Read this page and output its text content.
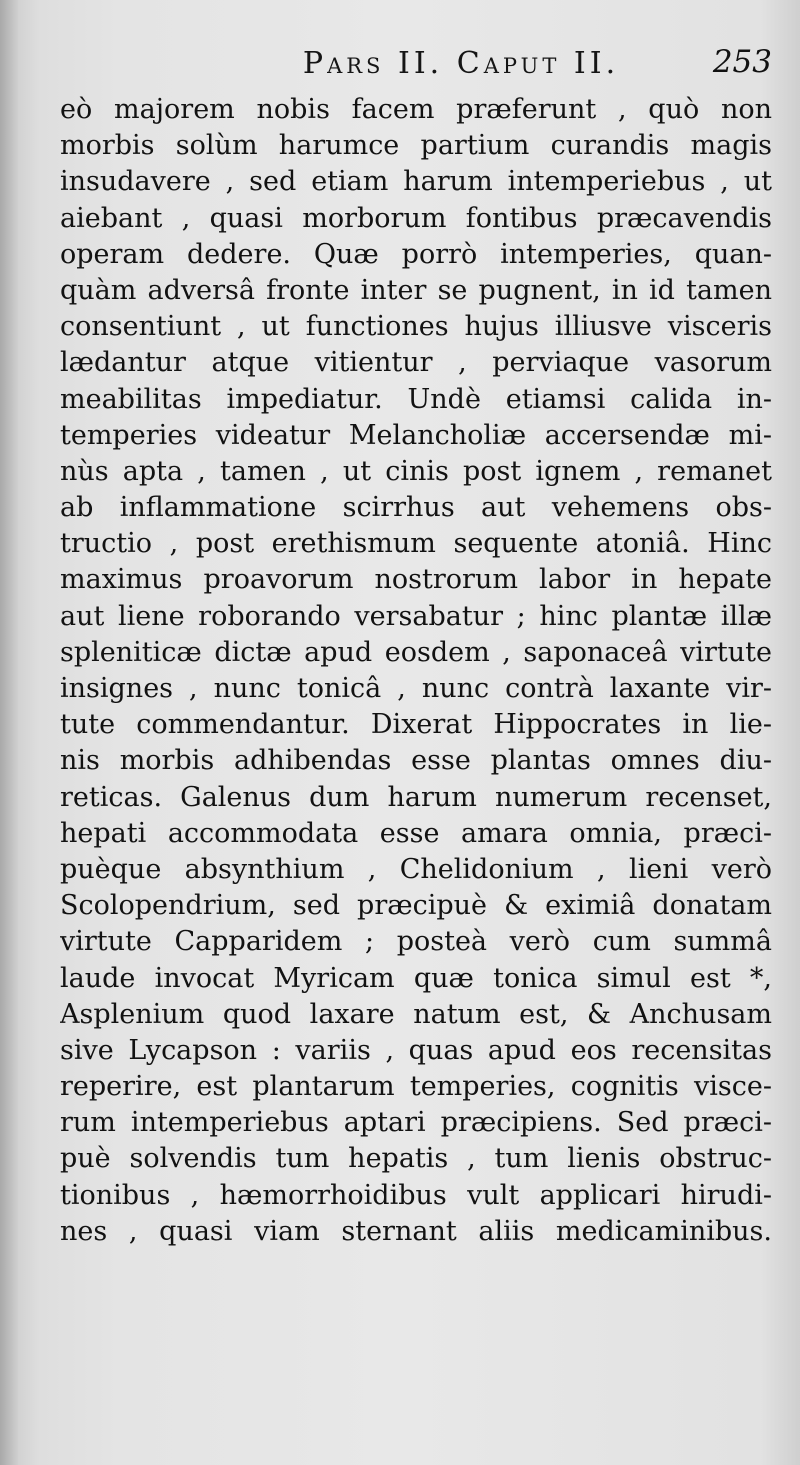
Pars II. Caput II.	253
eò majorem nobis facem præferunt , quò non
morbis solùm harumce partium curandis magis
insudavere , sed etiam harum intemperiebus , ut
aiebant , quasi morborum fontibus præcavendis
operam dedere. Quæ porrò intemperies, quan-
quàm adversâ fronte inter se pugnent, in id tamen
consentiunt , ut functiones hujus illiusve visceris
lædantur atque vitientur , perviaque vasorum
meabilitas impediatur. Undè etiamsi calida in-
temperies videatur Melancholiæ accersendæ mi-
nùs apta , tamen , ut cinis post ignem , remanet
ab inflammatione scirrhus aut vehemens obs-
tructio , post erethismum sequente atoniâ. Hinc
maximus proavorum nostrorum labor in hepate
aut liene roborando versabatur ; hinc plantæ illæ
spleniticæ dictæ apud eosdem , saponaceâ virtute
insignes , nunc tonicâ , nunc contrà laxante vir-
tute commendantur. Dixerat Hippocrates in lie-
nis morbis adhibendas esse plantas omnes diu-
reticas. Galenus dum harum numerum recenset,
hepati accommodata esse amara omnia, præci-
puèque absynthium , Chelidonium , lieni verò
Scolopendrium, sed præcipuè & eximiâ donatam
virtute Capparidem ; posteà verò cum summâ
laude invocat Myricam quæ tonica simul est *,
Asplenium quod laxare natum est, & Anchusam
sive Lycapson : variis , quas apud eos recensitas
reperire, est plantarum temperies, cognitis visce-
rum intemperiebus aptari præcipiens. Sed præci-
puè solvendis tum hepatis , tum lienis obstruc-
tionibus , hæmorrhoidibus vult applicari hirudi-
nes , quasi viam sternant aliis medicaminibus.
